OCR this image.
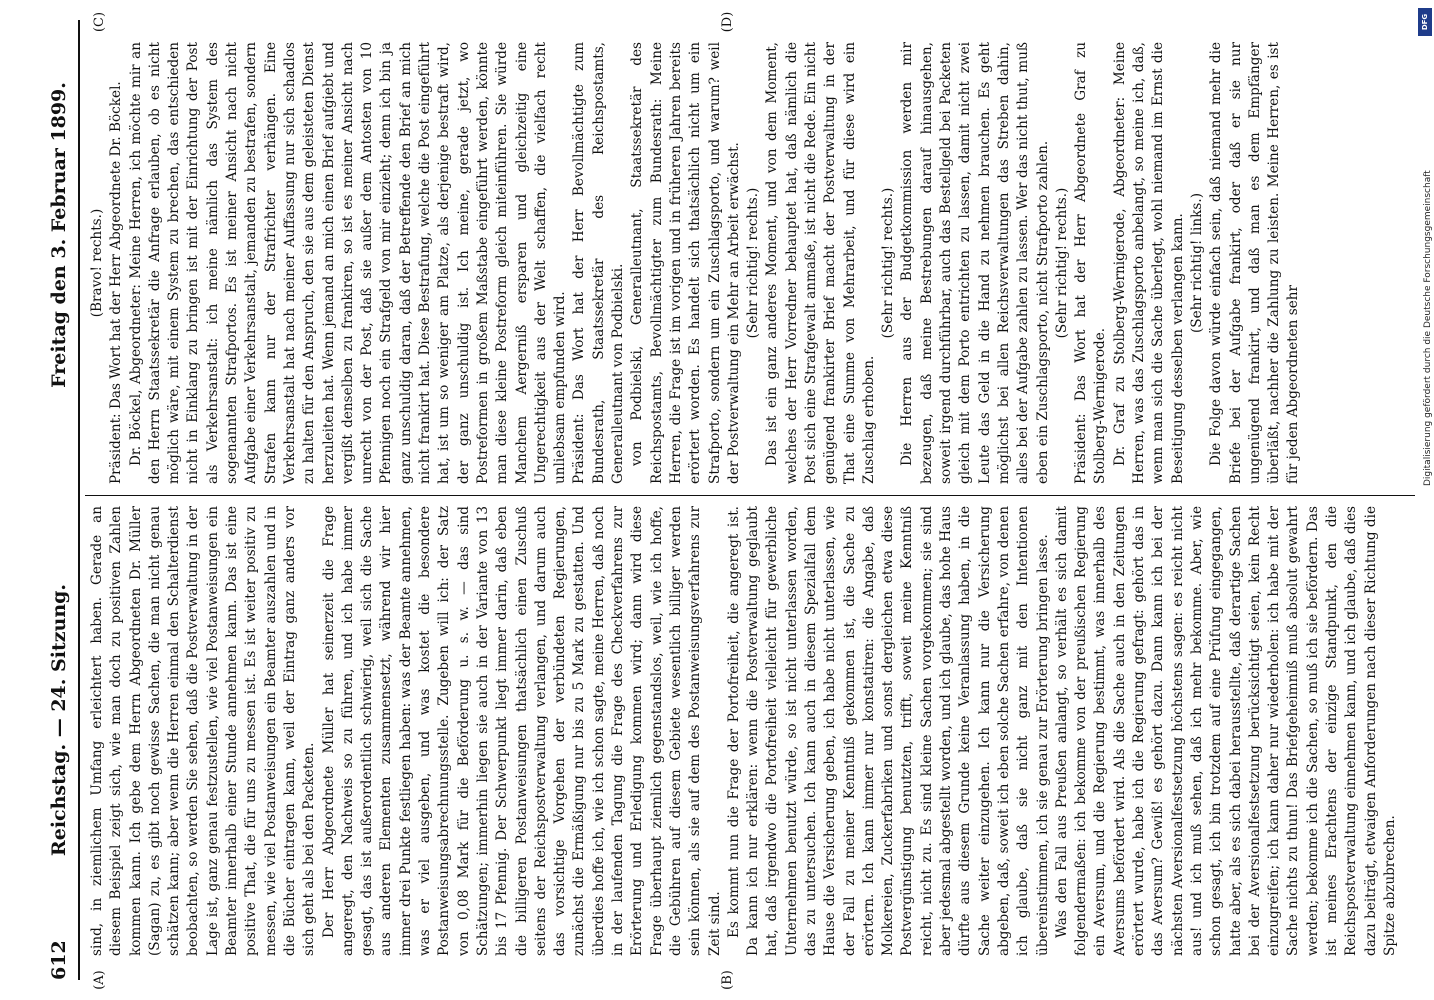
612
Reichstag. — 24. Sitzung.
Freitag den 3. Februar 1899.
(A)	(B)
(C)	(D)

sind, in ziemlichem Umfang erleichtert haben. Gerade an diesem Beispiel zeigt sich, wie man doch zu positiven Zahlen kommen kann. Ich gebe dem Herrn Abgeordneten Dr. Müller (Sagan) zu, es gibt noch gewisse Sachen, die man nicht genau schätzen kann; aber wenn die Herren einmal den Schalterdienst beobachten, so werden Sie sehen, daß die Postverwaltung in der Lage ist, ganz genau festzustellen, wie viel Postanweisungen ein Beamter innerhalb einer Stunde annehmen kann. Das ist eine positive That, die für uns zu messen ist. Es ist weiter positiv zu messen, wie viel Postanweisungen ein Beamter auszahlen und in die Bücher eintragen kann, weil der Eintrag ganz anders vor sich geht als bei den Packeten. Der Herr Abgeordnete Müller hat seinerzeit die Frage angeregt, den Nachweis so zu führen, und ich habe immer gesagt, das ist außerordentlich schwierig, weil sich die Sache aus anderen Elementen zusammensetzt, während wir hier immer drei Punkte festliegen haben: was der Beamte annehmen, was er viel ausgeben, und was kostet die besondere Postanweisungsabrechnungsstelle. Zugeben will ich: der Satz von 0,08 Mark für die Beförderung u. s. w. — das sind Schätzungen; immerhin liegen sie auch in der Variante von 13 bis 17 Pfennig. Der Schwerpunkt liegt immer darin, daß eben die billigeren Postanweisungen thatsächlich einen Zuschuß seitens der Reichspostverwaltung verlangen, und darum auch das vorsichtige Vorgehen der verbündeten Regierungen, zunächst die Ermäßigung nur bis zu 5 Mark zu gestatten. Und überdies hoffe ich, wie ich schon sagte, meine Herren, daß noch in der laufenden Tagung die Frage des Checkverfahrens zur Erörterung und Erledigung kommen wird; dann wird diese Frage überhaupt ziemlich gegenstandslos, weil, wie ich hoffe, die Gebühren auf diesem Gebiete wesentlich billiger werden sein können, als sie auf dem des Postanweisungsverfahrens zur Zeit sind. Es kommt nun die Frage der Portofreiheit, die angeregt ist. Da kann ich nur erklären: wenn die Postverwaltung geglaubt hat, daß irgendwo die Portofreiheit vielleicht für gewerbliche Unternehmen benutzt würde, so ist nicht unterlassen worden, das zu untersuchen. Ich kann auch in diesem Spezialfall dem Hause die Versicherung geben, ich habe nicht unterlassen, wie der Fall zu meiner Kenntniß gekommen ist, die Sache zu erörtern. Ich kann immer nur konstatiren: die Angabe, daß Molkereien, Zuckerfabriken und sonst dergleichen etwa diese Postvergünstigung benutzten, trifft, soweit meine Kenntniß reicht, nicht zu. Es sind kleine Sachen vorgekommen; sie sind aber jedesmal abgestellt worden, und ich glaube, das hohe Haus dürfte aus diesem Grunde keine Veranlassung haben, in die Sache weiter einzugehen. Ich kann nur die Versicherung abgeben, daß, soweit ich eben solche Sachen erfahre, von denen ich glaube, daß sie nicht ganz mit den Intentionen übereinstimmen, ich sie genau zur Erörterung bringen lasse. Was den Fall aus Preußen anlangt, so verhält es sich damit folgendermaßen: ich bekomme von der preußischen Regierung ein Aversum, und die Regierung bestimmt, was innerhalb des Aversums befördert wird. Als die Sache auch in den Zeitungen erörtert wurde, habe ich die Regierung gefragt: gehört das in das Aversum? Gewiß! es gehört dazu. Dann kann ich bei der nächsten Aversionalfestsetzung höchstens sagen: es reicht nicht aus! und ich muß sehen, daß ich mehr bekomme. Aber, wie schon gesagt, ich bin trotzdem auf eine Prüfung eingegangen, hatte aber, als es sich dabei herausstellte, daß derartige Sachen bei der Aversionalfestsetzung berücksichtigt seien, kein Recht einzugreifen; ich kann daher nur wiederholen: ich habe mit der Sache nichts zu thun! Das Briefgeheimniß muß absolut gewahrt werden; bekomme ich die Sachen, so muß ich sie befördern. Das ist meines Erachtens der einzige Standpunkt, den die Reichspostverwaltung einnehmen kann, und ich glaube, daß dies dazu beiträgt, etwaigen Anforderungen nach dieser Richtung die Spitze abzubrechen.

(Bravo! rechts.) Präsident: Das Wort hat der Herr Abgeordnete Dr. Böckel. Dr. Böckel, Abgeordneter: Meine Herren, ich möchte mir an den Herrn Staatssekretär die Anfrage erlauben, ob es nicht möglich wäre, mit einem System zu brechen, das entschieden nicht in Einklang zu bringen ist mit der Einrichtung der Post als Verkehrsanstalt: ich meine nämlich das System des sogenannten Strafportos. Es ist meiner Ansicht nach nicht Aufgabe einer Verkehrsanstalt, jemanden zu bestrafen, sondern Strafen kann nur der Strafrichter verhängen. Eine Verkehrsanstalt hat nach meiner Auffassung nur sich schadlos zu halten für den Anspruch, den sie aus dem geleisteten Dienst herzuleiten hat. Wenn jemand an mich einen Brief aufgiebt und vergißt denselben zu frankiren, so ist es meiner Ansicht nach unrecht von der Post, daß sie außer dem Antosten von 10 Pfennigen noch ein Strafgeld von mir einzieht; denn ich bin ja ganz unschuldig daran, daß der Betreffende den Brief an mich nicht frankirt hat. Diese Bestrafung, welche die Post eingeführt hat, ist um so weniger am Platze, als derjenige bestraft wird, der ganz unschuldig ist. Ich meine, gerade jetzt, wo Postreformen in großem Maßstabe eingeführt werden, könnte man diese kleine Postreform gleich miteinführen. Sie würde Manchem Aergerniß ersparen und gleichzeitig eine Ungerechtigkeit aus der Welt schaffen, die vielfach recht unliebsam empfunden wird. Präsident: Das Wort hat der Herr Bevollmächtigte zum Bundesrath, Staatssekretär des Reichspostamts, Generalleutnant von Podbielski. von Podbielski, Generalleutnant, Staatssekretär des Reichspostamts, Bevollmächtigter zum Bundesrath: Meine Herren, die Frage ist im vorigen und in früheren Jahren bereits erörtert worden. Es handelt sich thatsächlich nicht um ein Strafporto, sondern um ein Zuschlagsporto, und warum? weil der Postverwaltung ein Mehr an Arbeit erwächst. (Sehr richtig! rechts.) Das ist ein ganz anderes Moment, und von dem Moment, welches der Herr Vorredner behauptet hat, daß nämlich die Post sich eine Strafgewalt anmaße, ist nicht die Rede. Ein nicht genügend frankirter Brief macht der Postverwaltung in der That eine Summe von Mehrarbeit, und für diese wird ein Zuschlag erhoben.

(Sehr richtig! rechts.) Die Herren aus der Budgetkommission werden mir bezeugen, daß meine Bestrebungen darauf hinausgehen, soweit irgend durchführbar, auch das Bestellgeld bei Packeten gleich mit dem Porto entrichten zu lassen, damit nicht zwei Leute das Geld in die Hand zu nehmen brauchen. Es geht möglichst bei allen Reichsverwaltungen das Streben dahin, alles bei der Aufgabe zahlen zu lassen. Wer das nicht thut, muß eben ein Zuschlagsporto, nicht Strafporto zahlen. (Sehr richtig! rechts.) Präsident: Das Wort hat der Herr Abgeordnete Graf zu Stolberg-Wernigerode. Dr. Graf zu Stolberg-Wernigerode, Abgeordneter: Meine Herren, was das Zuschlagsporto anbelangt, so meine ich, daß, wenn man sich die Sache überlegt, wohl niemand im Ernst die Beseitigung desselben verlangen kann. (Sehr richtig! links.) Die Folge davon würde einfach sein, daß niemand mehr die Briefe bei der Aufgabe frankirt, oder daß er sie nur ungenügend frankirt, und daß man es dem Empfänger überläßt, nachher die Zahlung zu leisten. Meine Herren, es ist für jeden Abgeordneten sehr	Digitalisierung gefördert durch die Deutsche Forschungsgemeinschaft
DFG
